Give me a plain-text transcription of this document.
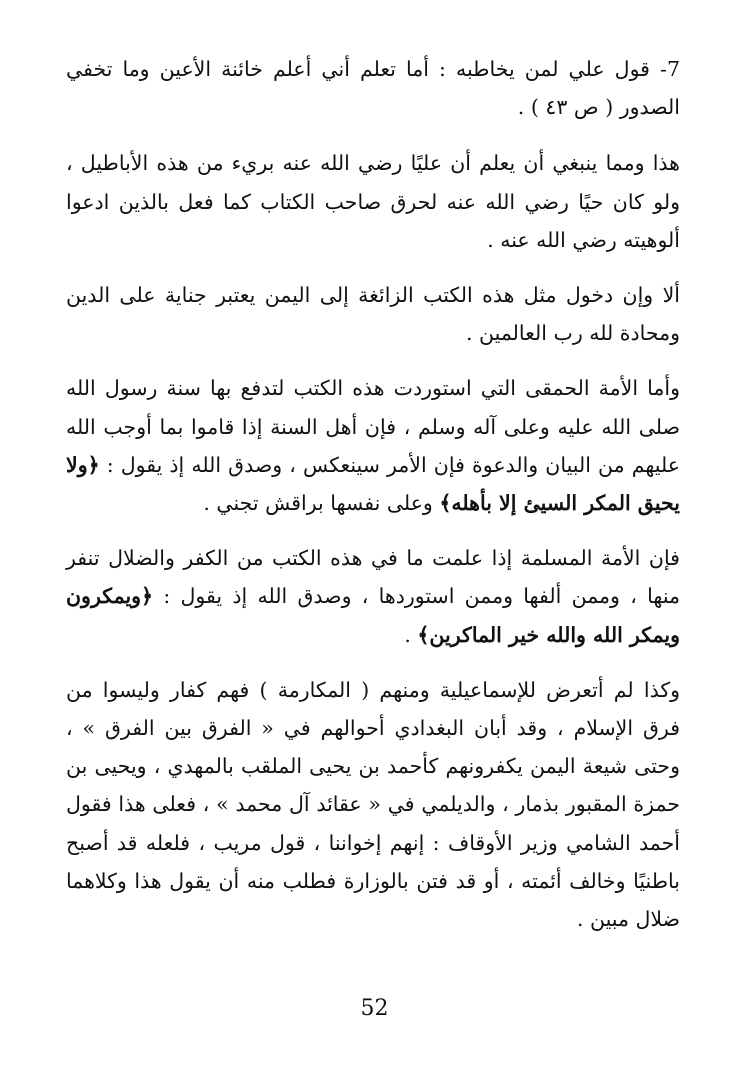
7- قول علي لمن يخاطبه : أما تعلم أني أعلم خائنة الأعين وما تخفي الصدور ( ص ٤٣ ) .

هذا ومما ينبغي أن يعلم أن عليًا رضي الله عنه بريء من هذه الأباطيل ، ولو كان حيًا رضي الله عنه لحرق صاحب الكتاب كما فعل بالذين ادعوا ألوهيته رضي الله عنه .

ألا وإن دخول مثل هذه الكتب الزائغة إلى اليمن يعتبر جناية على الدين ومحادة لله رب العالمين .

وأما الأمة الحمقى التي استوردت هذه الكتب لتدفع بها سنة رسول الله صلى الله عليه وعلى آله وسلم ، فإن أهل السنة إذا قاموا بما أوجب الله عليهم من البيان والدعوة فإن الأمر سينعكس ، وصدق الله إذ يقول : ﴿ولا يحيق المكر السيئ إلا بأهله﴾ وعلى نفسها براقش تجني .

فإن الأمة المسلمة إذا علمت ما في هذه الكتب من الكفر والضلال تنفر منها ، وممن ألفها وممن استوردها ، وصدق الله إذ يقول : ﴿ويمكرون ويمكر الله والله خير الماكرين﴾ .

وكذا لم أتعرض للإسماعيلية ومنهم ( المكارمة ) فهم كفار وليسوا من فرق الإسلام ، وقد أبان البغدادي أحوالهم في « الفرق بين الفرق » ، وحتى شيعة اليمن يكفرونهم كأحمد بن يحيى الملقب بالمهدي ، ويحيى بن حمزة المقبور بذمار ، والديلمي في « عقائد آل محمد » ، فعلى هذا فقول أحمد الشامي وزير الأوقاف : إنهم إخواننا ، قول مريب ، فلعله قد أصبح باطنيًا وخالف أئمته ، أو قد فتن بالوزارة فطلب منه أن يقول هذا وكلاهما ضلال مبين .

52
